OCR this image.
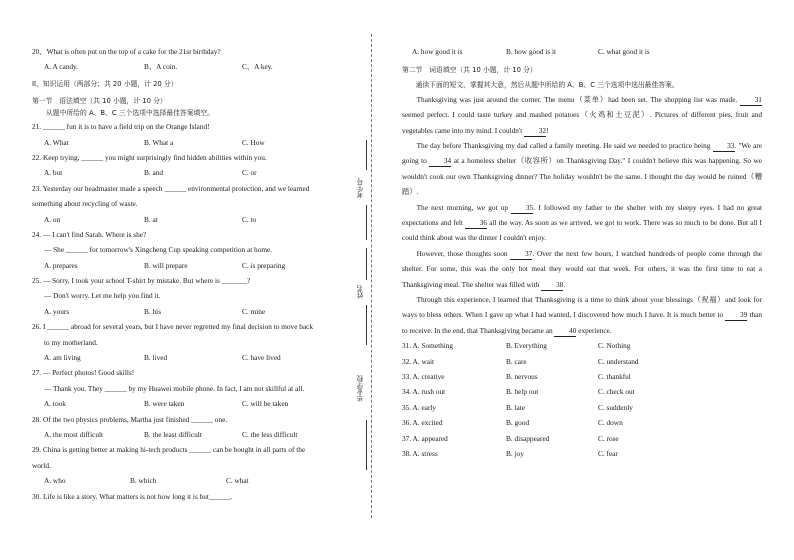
20、What is often put on the top of a cake for the 21st birthday?
A. A candy.	B、A coin.	C、A key.
II、知识运用（两部分；共 20 小题，计 20 分）
第一节　语法填空（共 10 小题，计 10 分）
从题中所给的 A、B、C 三个选项中选择最佳答案填空。
21. ______ fun it is to have a field trip on the Orange Island!
A. What	B. What a	C. How
22. Keep trying, ______ you might surprisingly find hidden abilities within you.
A. but	B. and	C. or
23. Yesterday our headmaster made a speech ______ environmental protection, and we learned
something about recycling of waste.
A. on	B. at	C. to
24. — I can't find Sarah. Where is she?
— She ______ for tomorrow's Xingcheng Cup speaking competition at home.
A. prepares	B. will prepare	C. is preparing
25. — Sorry, I took your school T-shirt by mistake. But where is _______?
— Don't worry. Let me help you find it.
A. yours	B. his	C. mine
26. I ______ abroad for several years, but I have never regretted my final decision to move back
to my motherland.
A. am living	B. lived	C. have lived
27. — Perfect photos! Good skills!
— Thank you. They ______ by my Huawei mobile phone. In fact, I am not skillful at all.
A. took	B. were taken	C. will be taken
28. Of the two physics problems, Martha just finished ______ one.
A. the most difficult	B. the least difficult	C. the less difficult
29. China is getting better at making hi-tech products ______ can be bought in all parts of the
world.
A. who	B. which	C. what
30. Life is like a story. What matters is not how long it is but______.
考生号
姓名
毕业学校
A. how good it is	B. how good is it	C. what good it is
第二节　词语填空（共 10 小题，计 10 分）

通读下面的短文，掌握其大意，然后从题中所给的 A、B、C 三个选项中选出最佳答案。

Thanksgiving was just around the corner. The menu（菜单）had been set. The shopping list was made. 31 seemed perfect. I could taste turkey and mashed potatoes（火鸡和土豆泥）. Pictures of different pies, fruit and vegetables came into my mind. I couldn't 32!

The day before Thanksgiving my dad called a family meeting. He said we needed to practice being 33. "We are going to 34 at a homeless shelter（收容所）on Thanksgiving Day." I couldn't believe this was happening. So we wouldn't cook our own Thanksgiving dinner? The holiday wouldn't be the same. I thought the day would be ruined（糟踏）.

The next morning, we got up 35. I followed my father to the shelter with my sleepy eyes. I had no great expectations and felt 36 all the way. As soon as we arrived, we got to work. There was so much to be done. But all I could think about was the dinner I couldn't enjoy.

However, those thoughts soon 37. Over the next few hours, I watched hundreds of people come through the shelter. For some, this was the only hot meal they would eat that week. For others, it was the first time to eat a Thanksgiving meal. The shelter was filled with 38.

Through this experience, I learned that Thanksgiving is a time to think about your blessings（祝福）and look for ways to bless others. When I gave up what I had wanted, I discovered how much I have. It is much better to 39 than to receive. In the end, that Thanksgiving became an 40 experience.

31. A. Something	B. Everything	C. Nothing
32. A. wait	B. care	C. understand
33. A. creative	B. nervous	C. thankful
34. A. rush out	B. help out	C. check out
35. A. early	B. late	C. suddenly
36. A. excited	B. good	C. down
37. A. appeared	B. disappeared	C. rose
38. A. stress	B. joy	C. fear
